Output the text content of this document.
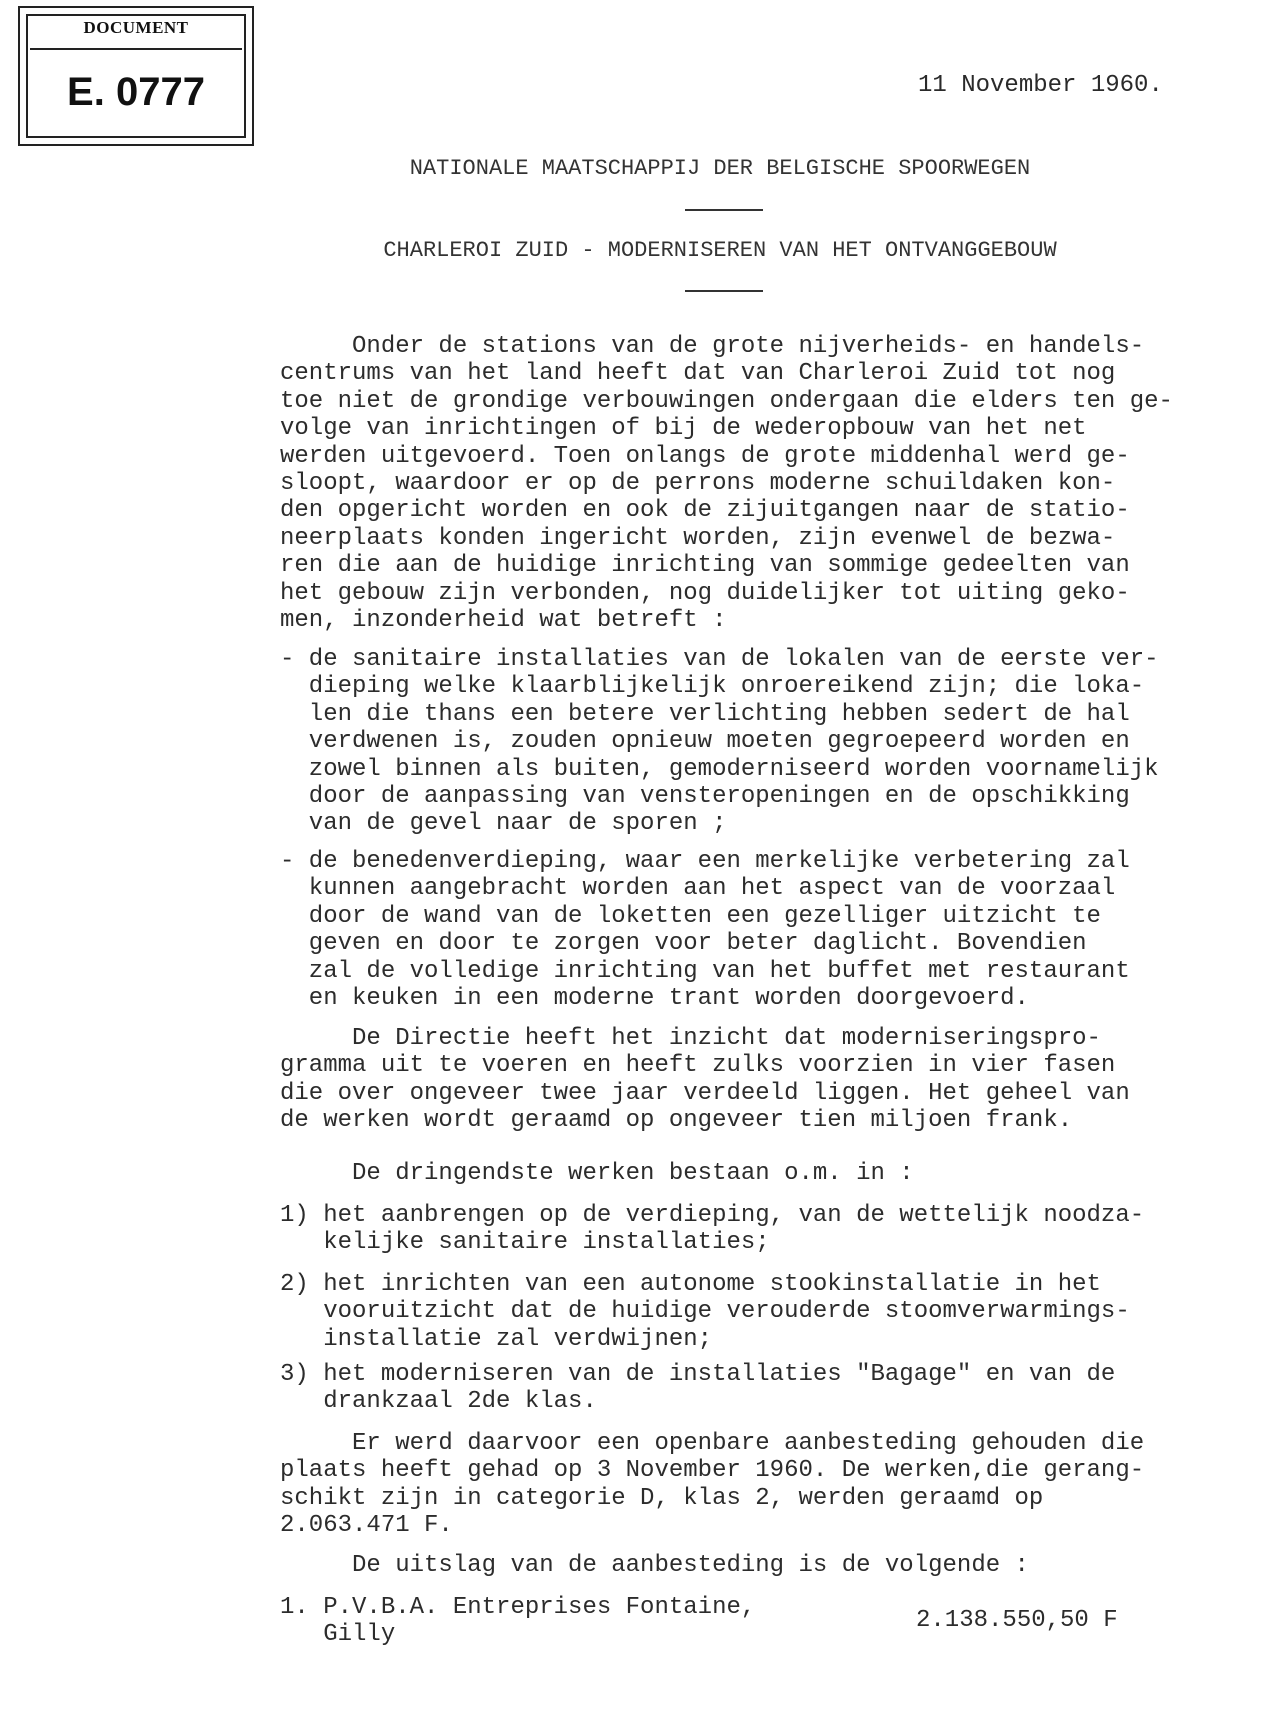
DOCUMENT
E. 0777	11 November 1960.
NATIONALE MAATSCHAPPIJ DER BELGISCHE SPOORWEGEN
CHARLEROI ZUID - MODERNISEREN VAN HET ONTVANGGEBOUW
Onder de stations van de grote nijverheids- en handels-
centrums van het land heeft dat van Charleroi Zuid tot nog
toe niet de grondige verbouwingen ondergaan die elders ten ge-
volge van inrichtingen of bij de wederopbouw van het net
werden uitgevoerd. Toen onlangs de grote middenhal werd ge-
sloopt, waardoor er op de perrons moderne schuildaken kon-
den opgericht worden en ook de zijuitgangen naar de statio-
neerplaats konden ingericht worden, zijn evenwel de bezwa-
ren die aan de huidige inrichting van sommige gedeelten van
het gebouw zijn verbonden, nog duidelijker tot uiting geko-
men, inzonderheid wat betreft :
- de sanitaire installaties van de lokalen van de eerste ver-
dieping welke klaarblijkelijk onroereikend zijn; die loka-
len die thans een betere verlichting hebben sedert de hal
verdwenen is, zouden opnieuw moeten gegroepeerd worden en
zowel binnen als buiten, gemoderniseerd worden voornamelijk
door de aanpassing van vensteropeningen en de opschikking
van de gevel naar de sporen ;
- de benedenverdieping, waar een merkelijke verbetering zal
kunnen aangebracht worden aan het aspect van de voorzaal
door de wand van de loketten een gezelliger uitzicht te
geven en door te zorgen voor beter daglicht. Bovendien
zal de volledige inrichting van het buffet met restaurant
en keuken in een moderne trant worden doorgevoerd.
De Directie heeft het inzicht dat moderniseringspro-
gramma uit te voeren en heeft zulks voorzien in vier fasen
die over ongeveer twee jaar verdeeld liggen. Het geheel van
de werken wordt geraamd op ongeveer tien miljoen frank.
De dringendste werken bestaan o.m. in :
1) het aanbrengen op de verdieping, van de wettelijk noodza-
kelijke sanitaire installaties;
2) het inrichten van een autonome stookinstallatie in het
vooruitzicht dat de huidige verouderde stoomverwarmings-
installatie zal verdwijnen;
3) het moderniseren van de installaties "Bagage" en van de
drankzaal 2de klas.
Er werd daarvoor een openbare aanbesteding gehouden die
plaats heeft gehad op 3 November 1960. De werken,die gerang-
schikt zijn in categorie D, klas 2, werden geraamd op
2.063.471 F.
De uitslag van de aanbesteding is de volgende :
1. P.V.B.A. Entreprises Fontaine,
Gilly
2.138.550,50 F
